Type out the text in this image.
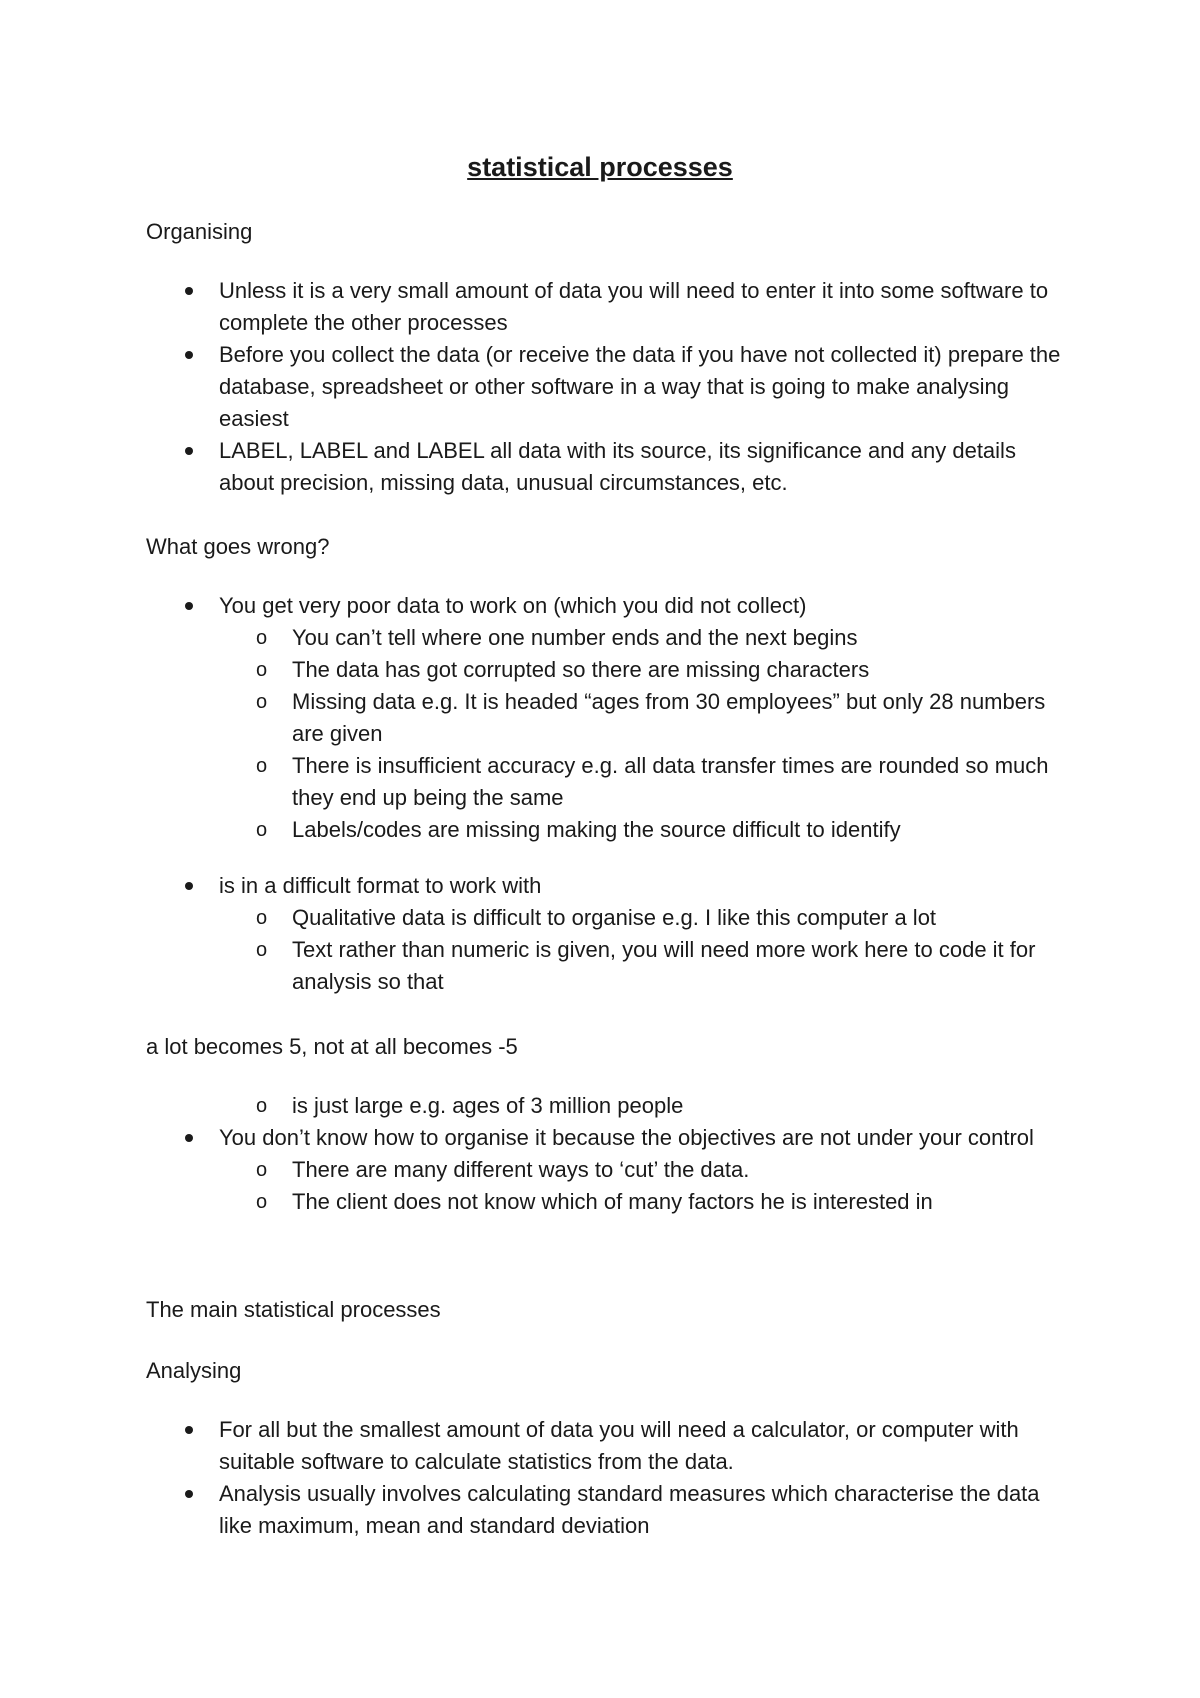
statistical processes

Organising

Unless it is a very small amount of data you will need to enter it into some software to complete the other processes
Before you collect the data (or receive the data if you have not collected it) prepare the database, spreadsheet or other software in a way that is going to make analysing easiest
LABEL, LABEL and LABEL all data with its source, its significance and any details about precision, missing data, unusual circumstances, etc.

What goes wrong?

You get very poor data to work on (which you did not collect)
o You can’t tell where one number ends and the next begins
o The data has got corrupted so there are missing characters
o Missing data e.g. It is headed “ages from 30 employees” but only 28 numbers are given
o There is insufficient accuracy e.g. all data transfer times are rounded so much they end up being the same
o Labels/codes are missing making the source difficult to identify
is in a difficult format to work with
o Qualitative data is difficult to organise e.g. I like this computer a lot
o Text rather than numeric is given, you will need more work here to code it for analysis so that

a lot becomes 5, not at all becomes -5

o is just large e.g. ages of 3 million people
You don’t know how to organise it because the objectives are not under your control
o There are many different ways to ‘cut’ the data.
o The client does not know which of many factors he is interested in

The main statistical processes

Analysing

For all but the smallest amount of data you will need a calculator, or computer with suitable software to calculate statistics from the data.
Analysis usually involves calculating standard measures which characterise the data like maximum, mean and standard deviation
